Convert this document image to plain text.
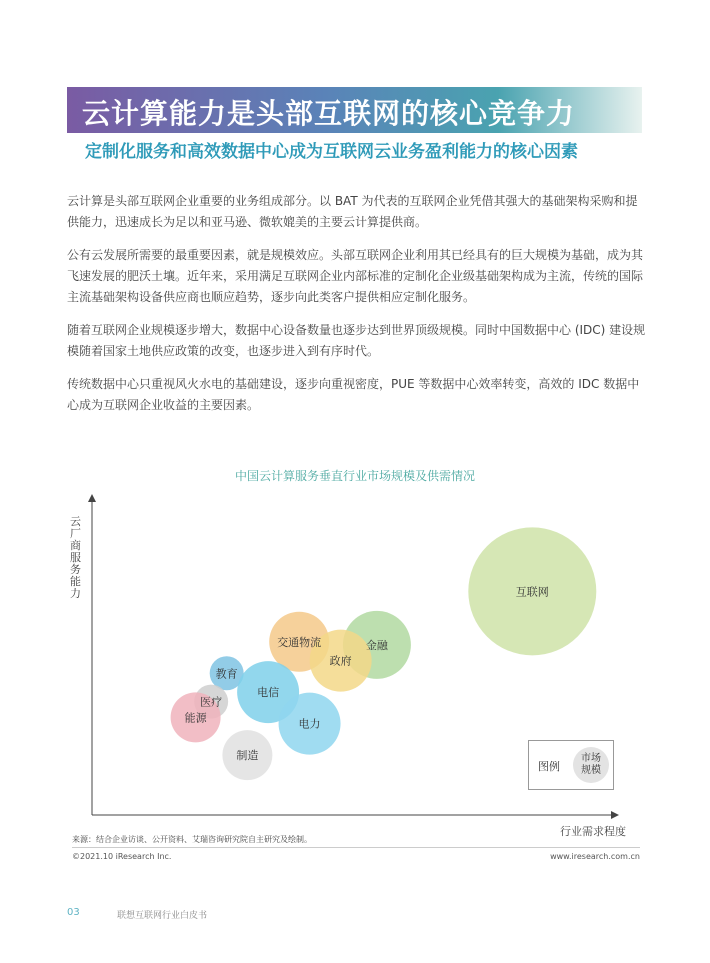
云计算能力是头部互联网的核心竞争力
定制化服务和高效数据中心成为互联网云业务盈利能力的核心因素

云计算是头部互联网企业重要的业务组成部分。以 BAT 为代表的互联网企业凭借其强大的基础架构采购和提供能力，迅速成长为足以和亚马逊、微软媲美的主要云计算提供商。

公有云发展所需要的最重要因素，就是规模效应。头部互联网企业利用其已经具有的巨大规模为基础，成为其飞速发展的肥沃土壤。近年来，采用满足互联网企业内部标准的定制化企业级基础架构成为主流，传统的国际主流基础架构设备供应商也顺应趋势，逐步向此类客户提供相应定制化服务。

随着互联网企业规模逐步增大，数据中心设备数量也逐步达到世界顶级规模。同时中国数据中心 (IDC) 建设规模随着国家土地供应政策的改变，也逐步进入到有序时代。

传统数据中心只重视风火水电的基础建设，逐步向重视密度，PUE 等数据中心效率转变，高效的 IDC 数据中心成为互联网企业收益的主要因素。

中国云计算服务垂直行业市场规模及供需情况
云厂商服务能力
行业需求程度
互联网
金融
交通物流
政府
教育
电信
医疗
电力
能源
制造
图例
市场
规模
来源：结合企业访谈、公开资料、艾瑞咨询研究院自主研究及绘制。
©2021.10 iResearch Inc.	www.iresearch.com.cn
03	联想互联网行业白皮书
